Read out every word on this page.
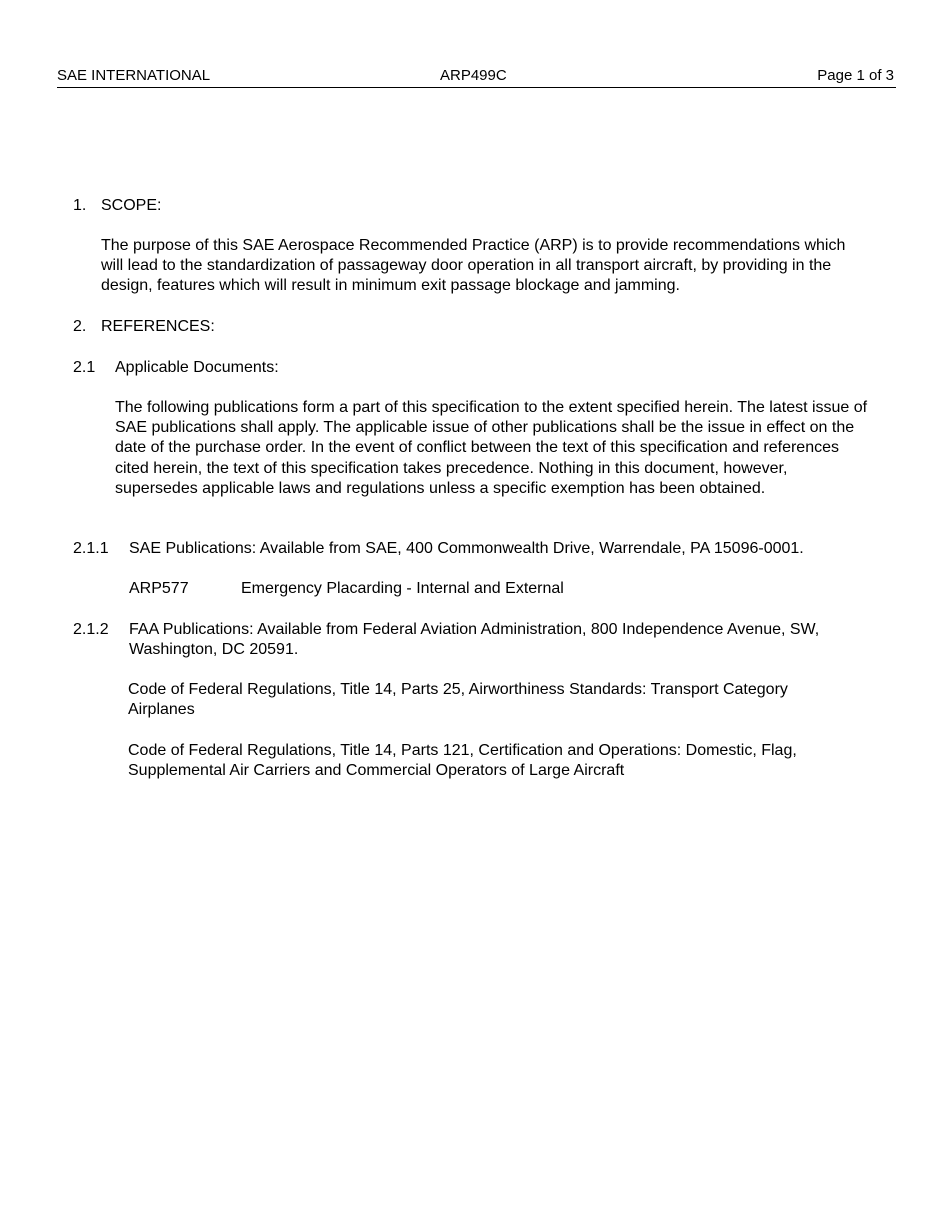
SAE INTERNATIONAL	ARP499C	Page 1 of 3
1. SCOPE:
The purpose of this SAE Aerospace Recommended Practice (ARP) is to provide recommendations which will lead to the standardization of passageway door operation in all transport aircraft, by providing in the design, features which will result in minimum exit passage blockage and jamming.
2. REFERENCES:
2.1 Applicable Documents:
The following publications form a part of this specification to the extent specified herein. The latest issue of SAE publications shall apply. The applicable issue of other publications shall be the issue in effect on the date of the purchase order. In the event of conflict between the text of this specification and references cited herein, the text of this specification takes precedence. Nothing in this document, however, supersedes applicable laws and regulations unless a specific exemption has been obtained.
2.1.1 SAE Publications: Available from SAE, 400 Commonwealth Drive, Warrendale, PA 15096-0001.
ARP577	Emergency Placarding - Internal and External
2.1.2 FAA Publications: Available from Federal Aviation Administration, 800 Independence Avenue, SW, Washington, DC 20591.
Code of Federal Regulations, Title 14, Parts 25, Airworthiness Standards: Transport Category Airplanes
Code of Federal Regulations, Title 14, Parts 121, Certification and Operations: Domestic, Flag, Supplemental Air Carriers and Commercial Operators of Large Aircraft
